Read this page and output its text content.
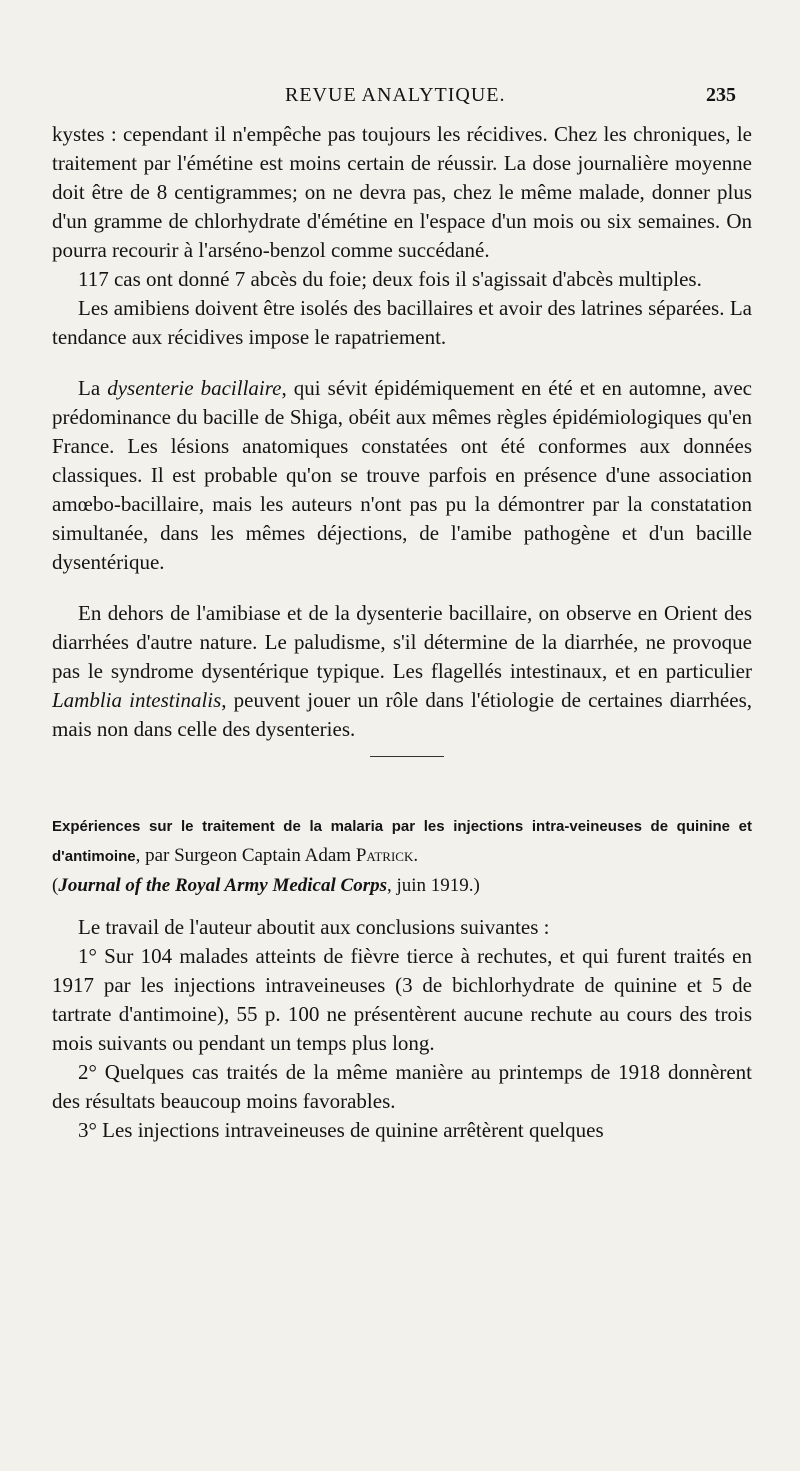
REVUE ANALYTIQUE.	235

kystes : cependant il n'empêche pas toujours les récidives. Chez les chroniques, le traitement par l'émétine est moins certain de réussir. La dose journalière moyenne doit être de 8 centigrammes; on ne devra pas, chez le même malade, donner plus d'un gramme de chlorhydrate d'émétine en l'espace d'un mois ou six semaines. On pourra recourir à l'arséno-benzol comme succédané.

117 cas ont donné 7 abcès du foie; deux fois il s'agissait d'abcès multiples.

Les amibiens doivent être isolés des bacillaires et avoir des latrines séparées. La tendance aux récidives impose le rapatriement.

La dysenterie bacillaire, qui sévit épidémiquement en été et en automne, avec prédominance du bacille de Shiga, obéit aux mêmes règles épidémiologiques qu'en France. Les lésions anatomiques constatées ont été conformes aux données classiques. Il est probable qu'on se trouve parfois en présence d'une association amœbo-bacillaire, mais les auteurs n'ont pas pu la démontrer par la constatation simultanée, dans les mêmes déjections, de l'amibe pathogène et d'un bacille dysentérique.

En dehors de l'amibiase et de la dysenterie bacillaire, on observe en Orient des diarrhées d'autre nature. Le paludisme, s'il détermine de la diarrhée, ne provoque pas le syndrome dysentérique typique. Les flagellés intestinaux, et en particulier Lamblia intestinalis, peuvent jouer un rôle dans l'étiologie de certaines diarrhées, mais non dans celle des dysenteries.

Expériences sur le traitement de la malaria par les injections intra-veineuses de quinine et d'antimoine, par Surgeon Captain Adam Patrick.
(Journal of the Royal Army Medical Corps, juin 1919.)

Le travail de l'auteur aboutit aux conclusions suivantes :

1° Sur 104 malades atteints de fièvre tierce à rechutes, et qui furent traités en 1917 par les injections intraveineuses (3 de bichlorhydrate de quinine et 5 de tartrate d'antimoine), 55 p. 100 ne présentèrent aucune rechute au cours des trois mois suivants ou pendant un temps plus long.

2° Quelques cas traités de la même manière au printemps de 1918 donnèrent des résultats beaucoup moins favorables.

3° Les injections intraveineuses de quinine arrêtèrent quelques
